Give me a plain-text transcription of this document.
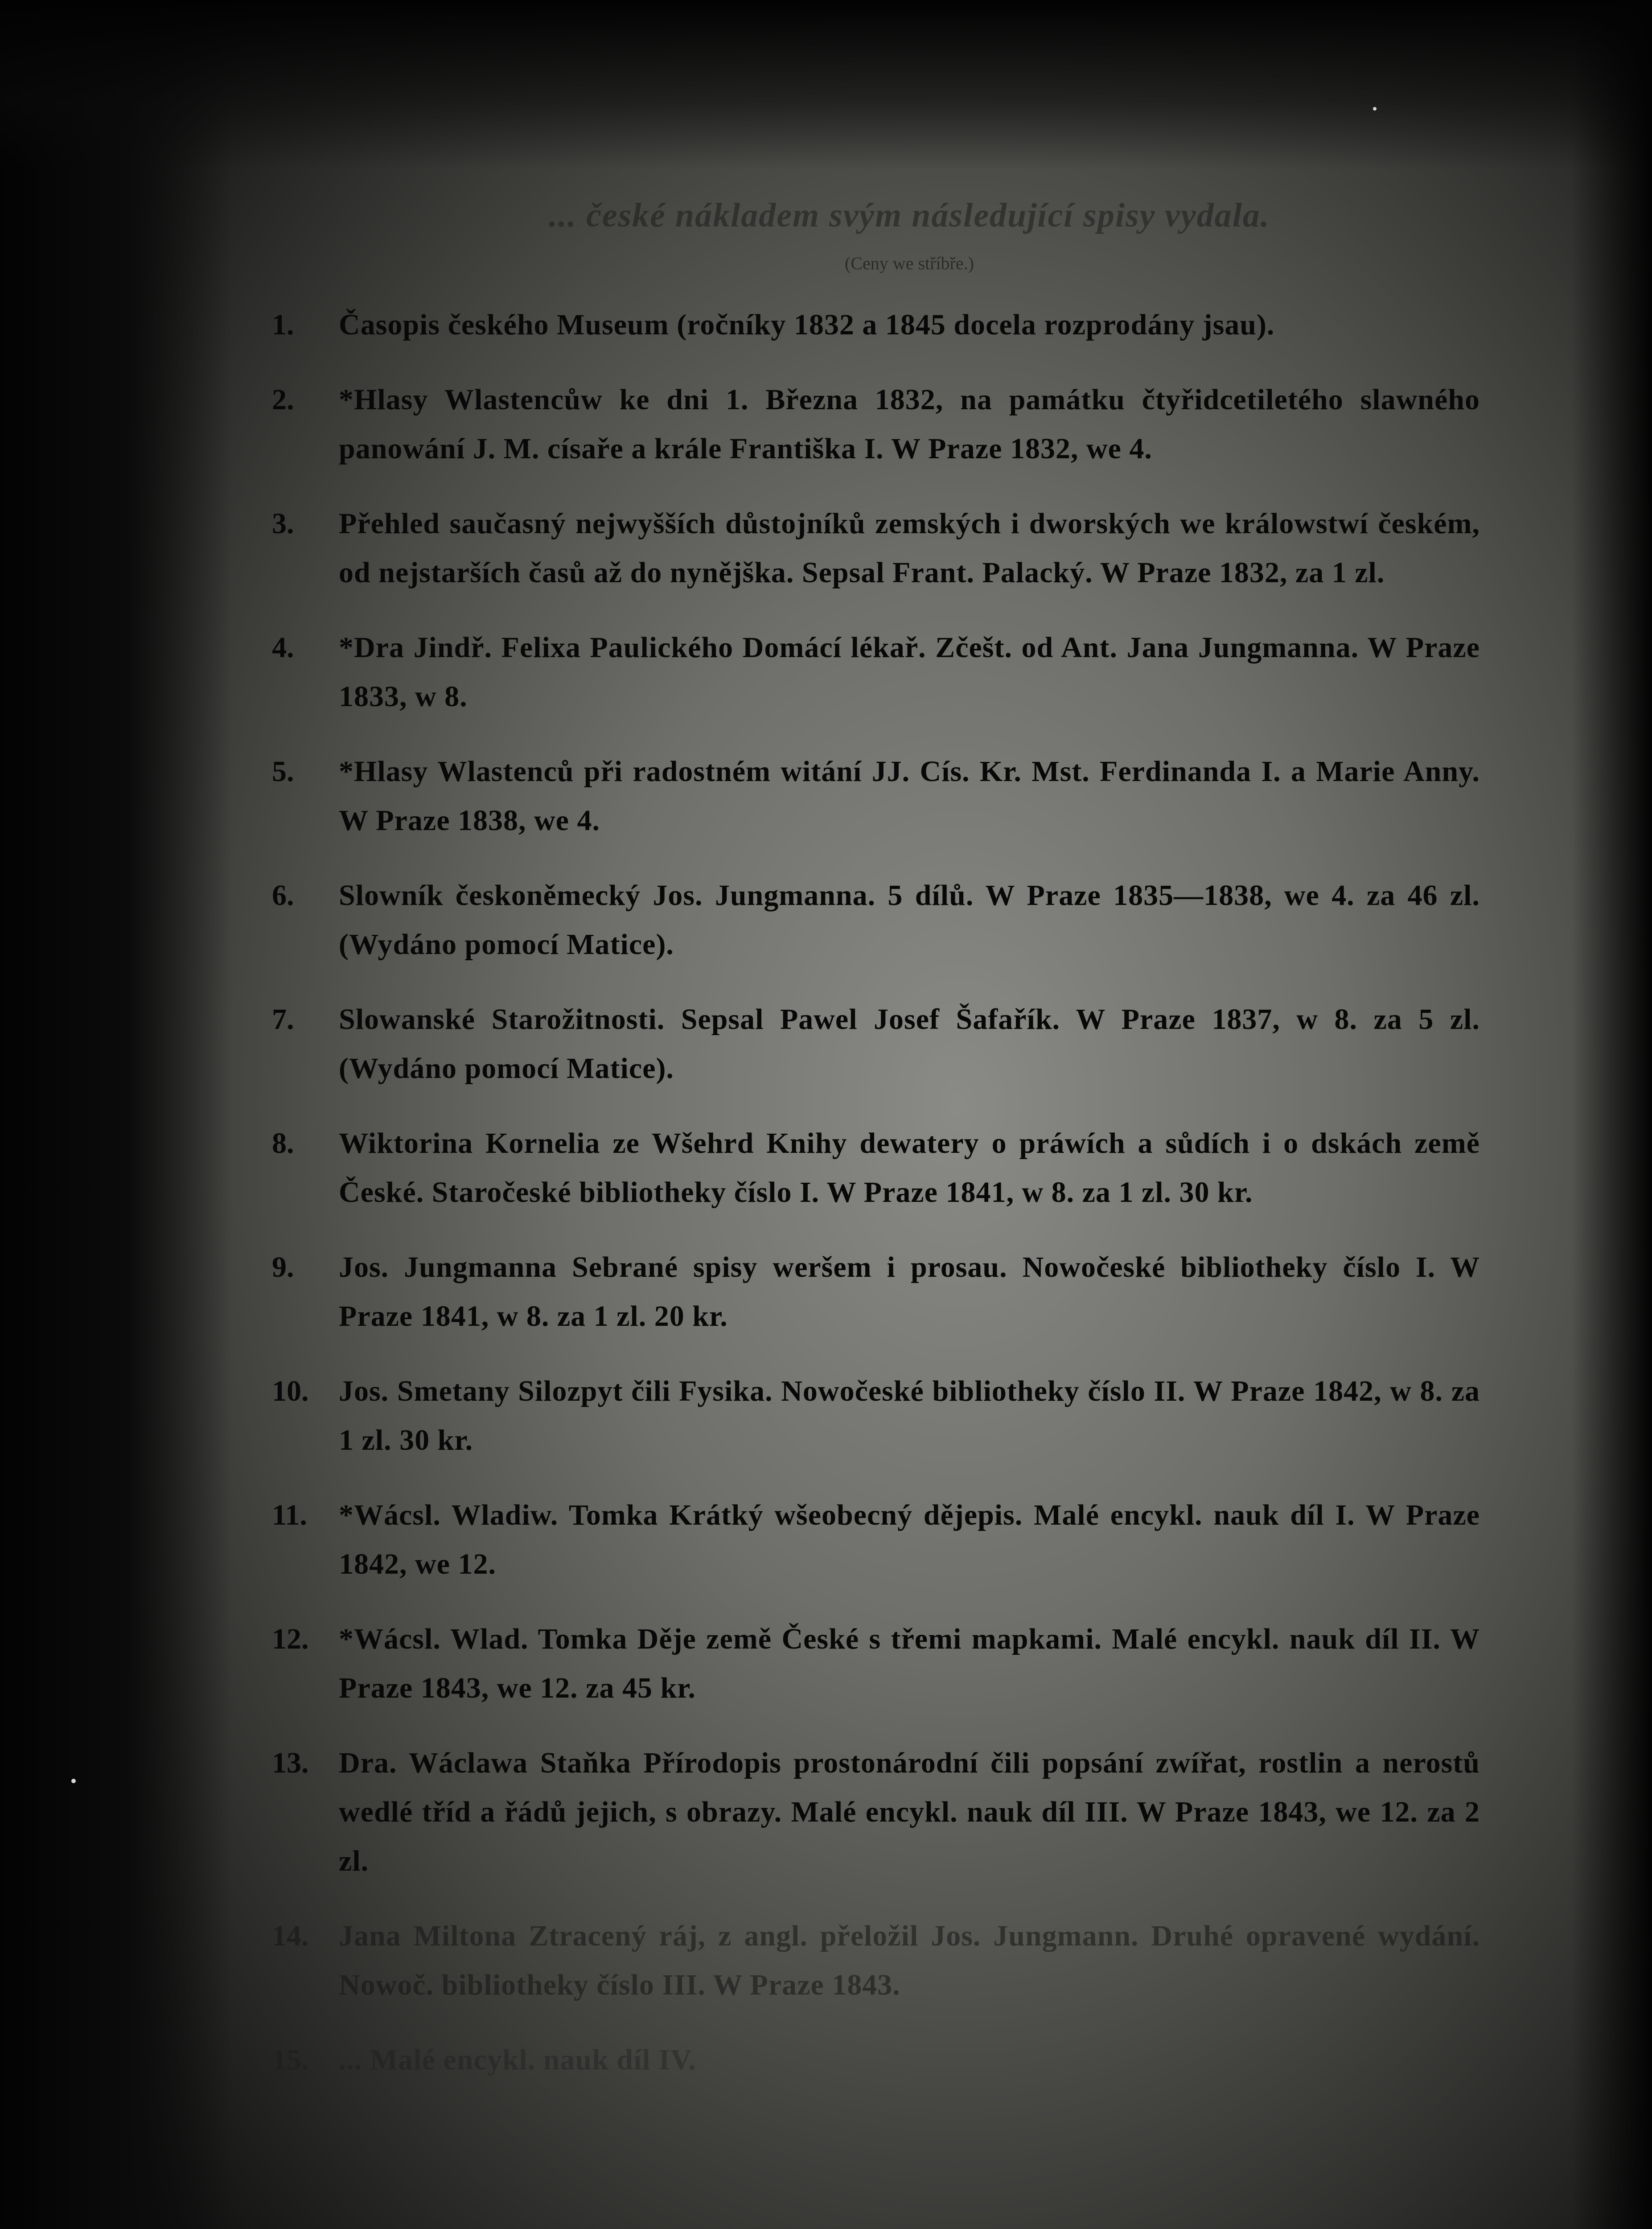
... české nákladem svým následující spisy vydala.

(Ceny we stříbře.)

1.	Časopis českého Museum (ročníky 1832 a 1845 docela rozprodány jsau).
2.	*Hlasy Wlastencůw ke dni 1. Března 1832, na památku čtyřidcetiletého slawného panowání J. M. císaře a krále Františka I. W Praze 1832, we 4.
3.	Přehled saučasný nejwyšších důstojníků zemských i dworských we králowstwí českém, od nejstarších časů až do nynějška. Sepsal Frant. Palacký. W Praze 1832, za 1 zl.
4.	*Dra Jindř. Felixa Paulického Domácí lékař. Zčešt. od Ant. Jana Jungmanna. W Praze 1833, w 8.
5.	*Hlasy Wlastenců při radostném witání JJ. Cís. Kr. Mst. Ferdinanda I. a Marie Anny. W Praze 1838, we 4.
6.	Slowník českoněmecký Jos. Jungmanna. 5 dílů. W Praze 1835—1838, we 4. za 46 zl. (Wydáno pomocí Matice).
7.	Slowanské Starožitnosti. Sepsal Pawel Josef Šafařík. W Praze 1837, w 8. za 5 zl. (Wydáno pomocí Matice).
8.	Wiktorina Kornelia ze Wšehrd Knihy dewatery o práwích a sůdích i o dskách země České. Staročeské bibliotheky číslo I. W Praze 1841, w 8. za 1 zl. 30 kr.
9.	Jos. Jungmanna Sebrané spisy weršem i prosau. Nowočeské bibliotheky číslo I. W Praze 1841, w 8. za 1 zl. 20 kr.
10.	Jos. Smetany Silozpyt čili Fysika. Nowočeské bibliotheky číslo II. W Praze 1842, w 8. za 1 zl. 30 kr.
11.	*Wácsl. Wladiw. Tomka Krátký wšeobecný dějepis. Malé encykl. nauk díl I. W Praze 1842, we 12.
12.	*Wácsl. Wlad. Tomka Děje země České s třemi mapkami. Malé encykl. nauk díl II. W Praze 1843, we 12. za 45 kr.
13.	Dra. Wáclawa Staňka Přírodopis prostonárodní čili popsání zwířat, rostlin a nerostů wedlé tříd a řádů jejich, s obrazy. Malé encykl. nauk díl III. W Praze 1843, we 12. za 2 zl.
14.	Jana Miltona Ztracený ráj, z angl. přeložil Jos. Jungmann. Druhé opravené wydání. Nowoč. bibliotheky číslo III. W Praze 1843.
15.	... Malé encykl. nauk díl IV.
